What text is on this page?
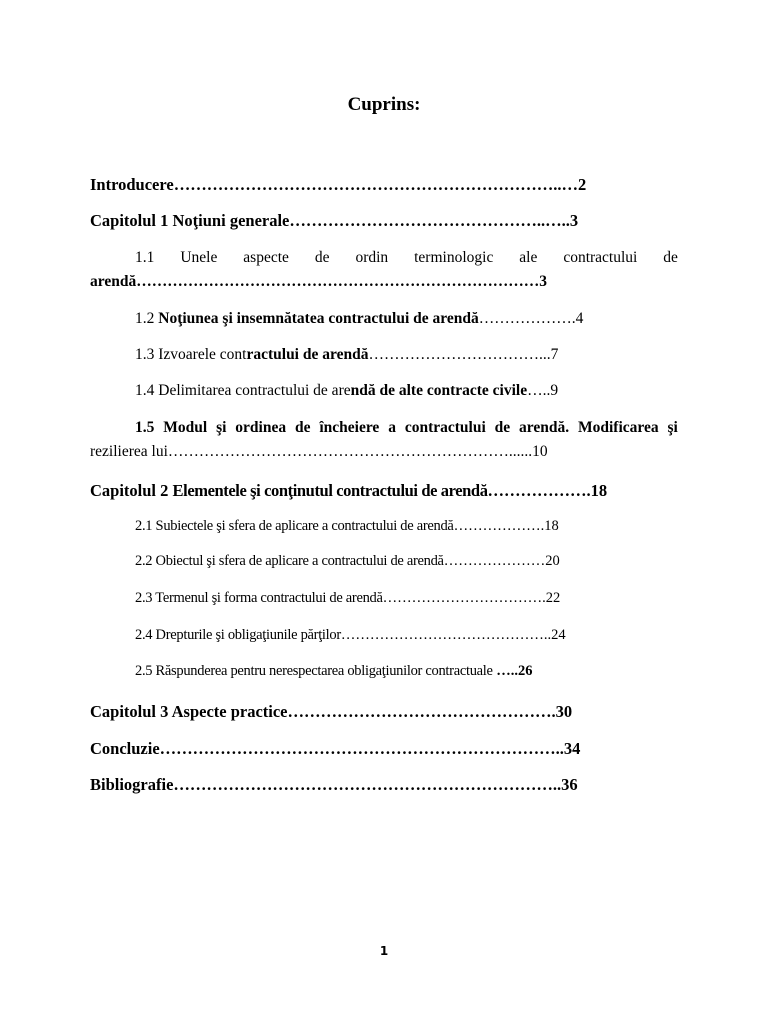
Cuprins:
Introducere……………………………………………………………..…2
Capitolul 1 Noţiuni generale………………………………………..…..3
1.1 Unele aspecte de ordin terminologic ale contractului de
arendă……………………………………………………………………3
1.2 Noţiunea şi insemnătatea contractului de arendă……………….4
1.3 Izvoarele contractului de arendă……………………………...7
1.4 Delimitarea contractului de arendă de alte contracte civile…..9
1.5 Modul şi ordinea de încheiere a contractului de arendă. Modificarea şi
rezilierea lui…………………………………………………………......10
Capitolul 2 Elementele şi conţinutul contractului de arendă……………….18
2.1 Subiectele şi sfera de aplicare a contractului de arendă……………….18
2.2 Obiectul şi sfera de aplicare a contractului de arendă…………………20
2.3 Termenul şi forma contractului de arendă…………………………….22
2.4 Drepturile şi obligaţiunile părţilor……………………………………..24
2.5 Răspunderea pentru nerespectarea obligaţiunilor contractuale …..26
Capitolul 3 Aspecte practice………………………………………….30
Concluzie………………………………………………………………..34
Bibliografie……………………………………………………………..36
1
